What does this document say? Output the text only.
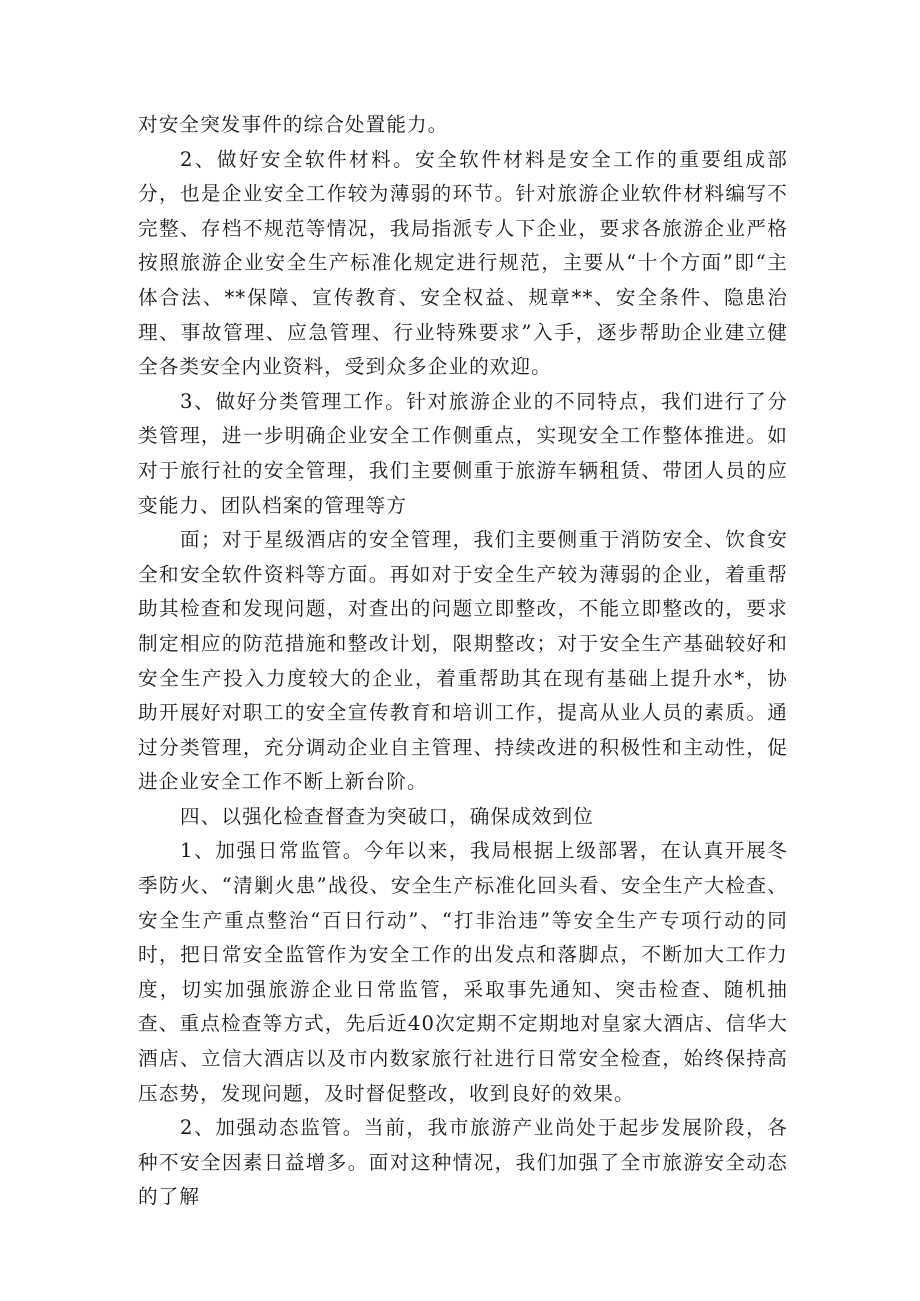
对安全突发事件的综合处置能力。

2、做好安全软件材料。安全软件材料是安全工作的重要组成部分，也是企业安全工作较为薄弱的环节。针对旅游企业软件材料编写不完整、存档不规范等情况，我局指派专人下企业，要求各旅游企业严格按照旅游企业安全生产标准化规定进行规范，主要从“十个方面”即“主体合法、**保障、宣传教育、安全权益、规章**、安全条件、隐患治理、事故管理、应急管理、行业特殊要求”入手，逐步帮助企业建立健全各类安全内业资料，受到众多企业的欢迎。

3、做好分类管理工作。针对旅游企业的不同特点，我们进行了分类管理，进一步明确企业安全工作侧重点，实现安全工作整体推进。如对于旅行社的安全管理，我们主要侧重于旅游车辆租赁、带团人员的应变能力、团队档案的管理等方

面；对于星级酒店的安全管理，我们主要侧重于消防安全、饮食安全和安全软件资料等方面。再如对于安全生产较为薄弱的企业，着重帮助其检查和发现问题，对查出的问题立即整改，不能立即整改的，要求制定相应的防范措施和整改计划，限期整改；对于安全生产基础较好和安全生产投入力度较大的企业，着重帮助其在现有基础上提升水*，协助开展好对职工的安全宣传教育和培训工作，提高从业人员的素质。通过分类管理，充分调动企业自主管理、持续改进的积极性和主动性，促进企业安全工作不断上新台阶。

四、以强化检查督查为突破口，确保成效到位

1、加强日常监管。今年以来，我局根据上级部署，在认真开展冬季防火、“清剿火患”战役、安全生产标准化回头看、安全生产大检查、安全生产重点整治“百日行动”、“打非治违”等安全生产专项行动的同时，把日常安全监管作为安全工作的出发点和落脚点，不断加大工作力度，切实加强旅游企业日常监管，采取事先通知、突击检查、随机抽查、重点检查等方式，先后近40次定期不定期地对皇家大酒店、信华大酒店、立信大酒店以及市内数家旅行社进行日常安全检查，始终保持高压态势，发现问题，及时督促整改，收到良好的效果。

2、加强动态监管。当前，我市旅游产业尚处于起步发展阶段，各种不安全因素日益增多。面对这种情况，我们加强了全市旅游安全动态的了解
